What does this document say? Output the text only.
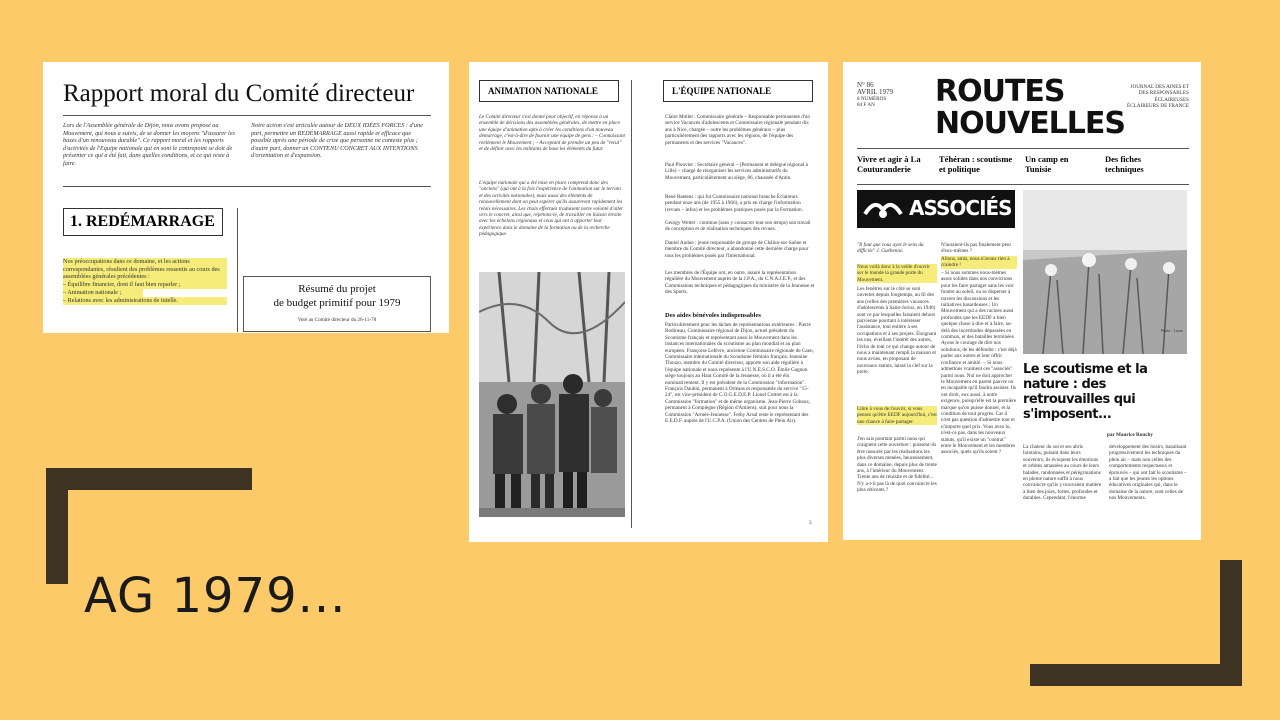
Rapport moral du Comité directeur
Lors de l'Assemblée générale de Dijon, nous avons proposé au Mouvement, qui nous a suivis, de se donner les moyens "d'assurer les bases d'un renouveau durable". Ce rapport moral et les rapports d'activités de l'Equipe nationale qui en sont le contrepoint se doit de présenter ce qui a été fait, dans quelles conditions, et ce qui reste à faire.
Notre action s'est articulée autour de DEUX IDÉES FORCES : d'une part, permettre un REDÉMARRAGE aussi rapide et efficace que possible après une période de crise que personne ne conteste plus ; d'autre part, donner un CONTENU CONCRET AUX INTENTIONS d'orientation et d'expansion.
1. REDÉMARRAGE
Nos préoccupations dans ce domaine, et les actions correspondantes, résultent des problèmes ressentis au cours des assemblées générales précédentes :
– Équilibre financier, dont il faut bien reparler ;
– Animation nationale ;
– Relations avec les administrations de tutelle.
Résumé du projet
de budget primitif pour 1979
Voté au Comité directeur du 26-11-78
ANIMATION NATIONALE	L'ÉQUIPE NATIONALE
Le Comité directeur s'est donné pour objectif, en réponse à un ensemble de décisions des assemblées générales, de mettre en place une équipe d'animation apte à créer les conditions d'un nouveau démarrage, c'est-à-dire de fournir une équipe de gens : – Connaissant réellement le Mouvement ; – Acceptant de prendre un peu de "recul" et de définir avec les militants de base les éléments du futur.
L'équipe nationale qui a été mise en place comprend donc des "anciens" (qui ont à la fois l'expérience de l'animation sur le terrain et des activités nationales), mais aussi des éléments de renouvellement dont on peut espérer qu'ils assureront rapidement les relais nécessaires. Les choix effectués traduisent notre volonté d'aller vers le concret, ainsi que, répétons-le, de travailler en liaison étroite avec les échelons régionaux et ceux qui ont à apporter leur expérience dans le domaine de la formation ou de la recherche pédagogique.
Claire Mollet : Commissaire générale – Responsable permanente d'un service Vacances d'adolescents et Commissaire régionale pendant dix ans à Nice, chargée – outre les problèmes généraux – plus particulièrement des rapports avec les régions, de l'équipe des permanents et des services "Vacances".
Paul Plouvier : Secrétaire général – (Permanent et délégué régional à Lille) – chargé de réorganiser les services administratifs du Mouvement, particulièrement au siège, 86, chaussée d'Antin.
René Baetens : qui fut Commissaire national branche Éclaireurs pendant onze ans (de 1955 à 1966), a pris en charge l'information (revues – infos) et les problèmes pratiques posés par la Formation.
Georgy Wetter : continue (sans y consacrer tout son temps) son travail de conception et de réalisation techniques des revues.
Daniel Audue : jeune responsable de groupe de Châlon-sur-Saône et membre du Comité directeur, a abandonné cette dernière charge pour tous les problèmes posés par l'International.
Les membres de l'Équipe ont, en outre, assuré la représentation régulière du Mouvement auprès de la J.P.A., du C.N.A.J.E.P., et des Commissions techniques et pédagogiques du ministère de la Jeunesse et des Sports.
Des aides bénévoles indispensables
Particulièrement pour les tâches de représentations extérieures : Pierre Bodineau, Commissaire régional de Dijon, actuel président du Scoutisme français et représentant aussi le Mouvement dans les instances internationales du scoutisme au plan mondial et au plan européen. Françoise Lefèvre, ancienne Commissaire régionale de Caen, Commissaire internationale du Scoutisme féminin français. Jeannine Thouzo, membre du Comité directeur, apporte son aide régulière à l'équipe nationale et nous représente à l'U.N.E.S.C.O. Émile Gagnon siège toujours au Haut Comité de la Jeunesse, où il a été élu nominativement. Il y est président de la Commission "information". François Daubin, permanent à Orléans et responsable du service "15-24", est vice-président de C.O.G.E.D.E.P. Lionel Cottret est à la Commission "formation" et de même organisme. Jean-Pierre Gobaux, permanent à Compiègne (Région d'Amiens), suit pour nous la Commission "Armée-Jeunesse". Fethy Arsal reste le représentant des E.E.D.F. auprès de l'U.C.P.A. (Union des Centres de Plein Air).
3
N° 86
AVRIL 1979
8 NUMÉROS
84 F AN ROUTES
NOUVELLES
JOURNAL DES AINES ET DES RESPONSABLES ÉCLAIREUSES ÉCLAIREURS DE FRANCE
Vivre et agir à La Couturanderie
Téhéran : scoutisme et politique
Un camp en Tunisie
Des fiches techniques
ASSOCIÉS
"Il faut que vous ayez le sens du difficile" J. Guéhenno
Nous voilà donc à la veille d'ouvrir sur le monde la grande porte du Mouvement.
Les fenêtres sur le côté se sont ouvertes depuis longtemps, au fil des ans (celles des premières vacances d'adolescents à Saint-Jorioz, en 1946) sont ce par lesquelles faisaient dehors parvienne pourtant à intéresser l'assistance, tout entière à ses occupations et à ses projets. Éloignant les uns, éveillant l'intérêt des autres, l'écho de tout ce qui change autour de nous a maintenant rempli la maison et nous avons, en proposant de nouveaux statuts, laissé la clef sur la porte.
Libre à vous de l'ouvrir, si vous pensez qu'être EEDF aujourd'hui, c'est une chance à faire partager.
J'en sais pourtant parmi nous qui craignent cette ouverture : puissent-ils être rassurés par les réalisations les plus diverses menées, heureusement, dans ce domaine, depuis plus de trente ans, à l'intérieur du Mouvement. Trente ans de réussite et de fidélité... N'y a-t-il pas là de quoi convaincre les plus réticents ?
N'auraient-ils pas finalement peur d'eux-mêmes ?
Allons, amis, nous n'avons rien à craindre !
– Si nous sommes nous-mêmes assez solides dans nos convictions pour les faire partager sans les voir fondre au soleil, ou se disperser à travers les discussions et les initiatives hasardeuses ; Un Mouvement qui a des racines aussi profondes que les EEDF a bien quelque chose à dire et à faire, au-delà des incertitudes dépassées en commun, et des batailles terminées. Ayons le courage de dire nos solutions, de les défendre : c'est déjà parler aux autres et leur offrir confiance et amitié. – Si nous admettons vraiment ces "associés" parmi nous. Nul ne doit approcher le Mouvement en parent pauvre ou en incapable qu'il faudra assister. Ils ont droit, eux aussi, à notre exigence, puisqu'elle est la première marque qu'on puisse donner, et la condition de tout progrès. Car il n'est pas question d'admettre tout et n'importe quel prix. Vous avez lu, n'est-ce pas, dans les nouveaux statuts, qu'il existe un "contrat" entre le Mouvement et les membres associés, quels qu'ils soient ?
Photo : Lucas
Le scoutisme et la nature : des retrouvailles qui s'imposent...
par Maurice Rouchy
La chaleur du sol et ses abris lointains, puisant dans leurs souvenirs, ils évoquent les émotions et orbites amassées au cours de leurs balades, randonnées et pérégrinations en pleine nature suffit à nous convaincre qu'ils y trouvaient matière à bien des joies, fortes, profondes et durables. Cependant, l'énorme développement des loisirs, banalisant progressivement les techniques du plein air – mais non celles des comportements respectueux et éprouvés – qui ont fait le scoutisme – a fait que les jeunes les options éducatives originales qui, dans le domaine de la nature, sont celles de nos Mouvements.
AG 1979...
